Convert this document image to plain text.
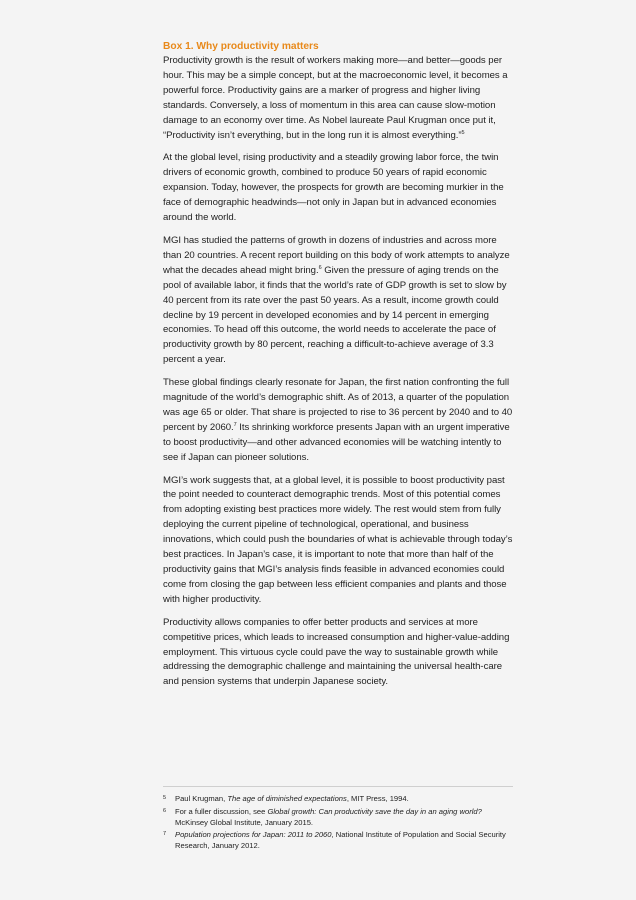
Box 1. Why productivity matters

Productivity growth is the result of workers making more—and better—goods per hour. This may be a simple concept, but at the macroeconomic level, it becomes a powerful force. Productivity gains are a marker of progress and higher living standards. Conversely, a loss of momentum in this area can cause slow-motion damage to an economy over time. As Nobel laureate Paul Krugman once put it, “Productivity isn’t everything, but in the long run it is almost everything.”$^5$

At the global level, rising productivity and a steadily growing labor force, the twin drivers of economic growth, combined to produce 50 years of rapid economic expansion. Today, however, the prospects for growth are becoming murkier in the face of demographic headwinds—not only in Japan but in advanced economies around the world.

MGI has studied the patterns of growth in dozens of industries and across more than 20 countries. A recent report building on this body of work attempts to analyze what the decades ahead might bring.$^6$ Given the pressure of aging trends on the pool of available labor, it finds that the world’s rate of GDP growth is set to slow by 40 percent from its rate over the past 50 years. As a result, income growth could decline by 19 percent in developed economies and by 14 percent in emerging economies. To head off this outcome, the world needs to accelerate the pace of productivity growth by 80 percent, reaching a difficult-to-achieve average of 3.3 percent a year.

These global findings clearly resonate for Japan, the first nation confronting the full magnitude of the world’s demographic shift. As of 2013, a quarter of the population was age 65 or older. That share is projected to rise to 36 percent by 2040 and to 40 percent by 2060.$^7$ Its shrinking workforce presents Japan with an urgent imperative to boost productivity—and other advanced economies will be watching intently to see if Japan can pioneer solutions.

MGI’s work suggests that, at a global level, it is possible to boost productivity past the point needed to counteract demographic trends. Most of this potential comes from adopting existing best practices more widely. The rest would stem from fully deploying the current pipeline of technological, operational, and business innovations, which could push the boundaries of what is achievable through today’s best practices. In Japan’s case, it is important to note that more than half of the productivity gains that MGI’s analysis finds feasible in advanced economies could come from closing the gap between less efficient companies and plants and those with higher productivity.

Productivity allows companies to offer better products and services at more competitive prices, which leads to increased consumption and higher-value-adding employment. This virtuous cycle could pave the way to sustainable growth while addressing the demographic challenge and maintaining the universal health-care and pension systems that underpin Japanese society.

5	Paul Krugman, The age of diminished expectations, MIT Press, 1994.
6	For a fuller discussion, see Global growth: Can productivity save the day in an aging world? McKinsey Global Institute, January 2015.
7	Population projections for Japan: 2011 to 2060, National Institute of Population and Social Security Research, January 2012.
